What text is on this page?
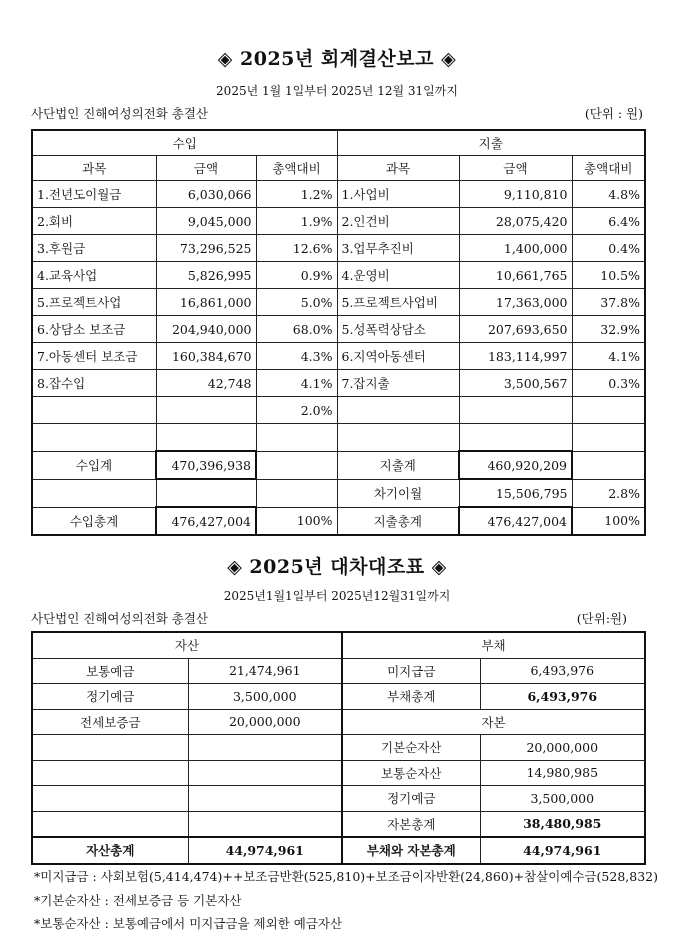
◈ 2025년 회계결산보고 ◈
2025년 1월 1일부터 2025년 12월 31일까지
사단법인 진해여성의전화 총결산	(단위 : 원)
수입			지출		
과목	금액	총액대비	과목	금액	총액대비
1.전년도이월금	6,030,066	1.2%	1.사업비	9,110,810	4.8%
2.회비	9,045,000	1.9%	2.인건비	28,075,420	6.4%
3.후원금	73,296,525	12.6%	3.업무추진비	1,400,000	0.4%
4.교육사업	5,826,995	0.9%	4.운영비	10,661,765	10.5%
5.프로젝트사업	16,861,000	5.0%	5.프로젝트사업비	17,363,000	37.8%
6.상담소 보조금	204,940,000	68.0%	5.성폭력상담소	207,693,650	32.9%
7.아동센터 보조금	160,384,670	4.3%	6.지역아동센터	183,114,997	4.1%
8.잡수입	42,748	4.1%	7.잡지출	3,500,567	0.3%
		2.0%			

수입계	470,396,938		지출계	460,920,209	
			차기이월	15,506,795	2.8%
수입총계	476,427,004	100%	지출총계	476,427,004	100%
◈ 2025년 대차대조표 ◈
2025년1월1일부터 2025년12월31일까지
사단법인 진해여성의전화 총결산	(단위:원)
자산		부채	
보통예금	21,474,961	미지급금	6,493,976
정기예금	3,500,000	부채총계	6,493,976
전세보증금	20,000,000	자본	
		기본순자산	20,000,000
		보통순자산	14,980,985
		정기예금	3,500,000
		자본총계	38,480,985
자산총계	44,974,961	부채와 자본총계	44,974,961
*미지급금 : 사회보험(5,414,474)++보조금반환(525,810)+보조금이자반환(24,860)+참살이예수금(528,832)
*기본순자산 : 전세보증금 등 기본자산
*보통순자산 : 보통예금에서 미지급금을 제외한 예금자산
